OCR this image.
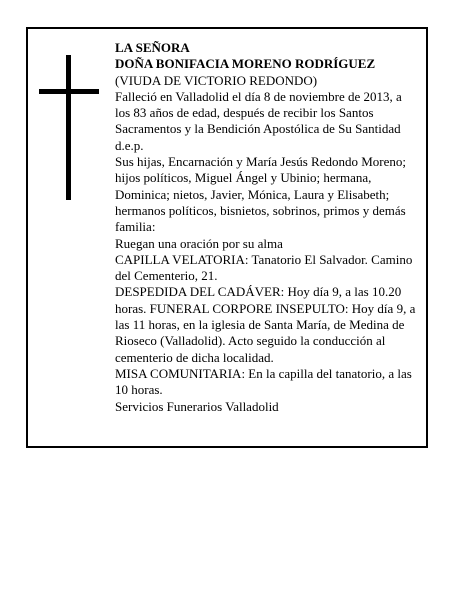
LA SEÑORA

DOÑA BONIFACIA MORENO RODRÍGUEZ

(VIUDA DE VICTORIO REDONDO)

Falleció en Valladolid el día 8 de noviembre de 2013, a los 83 años de edad, después de recibir los Santos Sacramentos y la Bendición Apostólica de Su Santidad d.e.p.

Sus hijas, Encarnación y María Jesús Redondo Moreno; hijos políticos, Miguel Ángel y Ubinio; hermana, Dominica; nietos, Javier, Mónica, Laura y Elisabeth; hermanos políticos, bisnietos, sobrinos, primos y demás familia:

Ruegan una oración por su alma

CAPILLA VELATORIA: Tanatorio El Salvador. Camino del Cementerio, 21.

DESPEDIDA DEL CADÁVER: Hoy día 9, a las 10.20 horas. FUNERAL CORPORE INSEPULTO: Hoy día 9, a las 11 horas, en la iglesia de Santa María, de Medina de Rioseco (Valladolid). Acto seguido la conducción al cementerio de dicha localidad.

MISA COMUNITARIA: En la capilla del tanatorio, a las 10 horas.

Servicios Funerarios Valladolid
